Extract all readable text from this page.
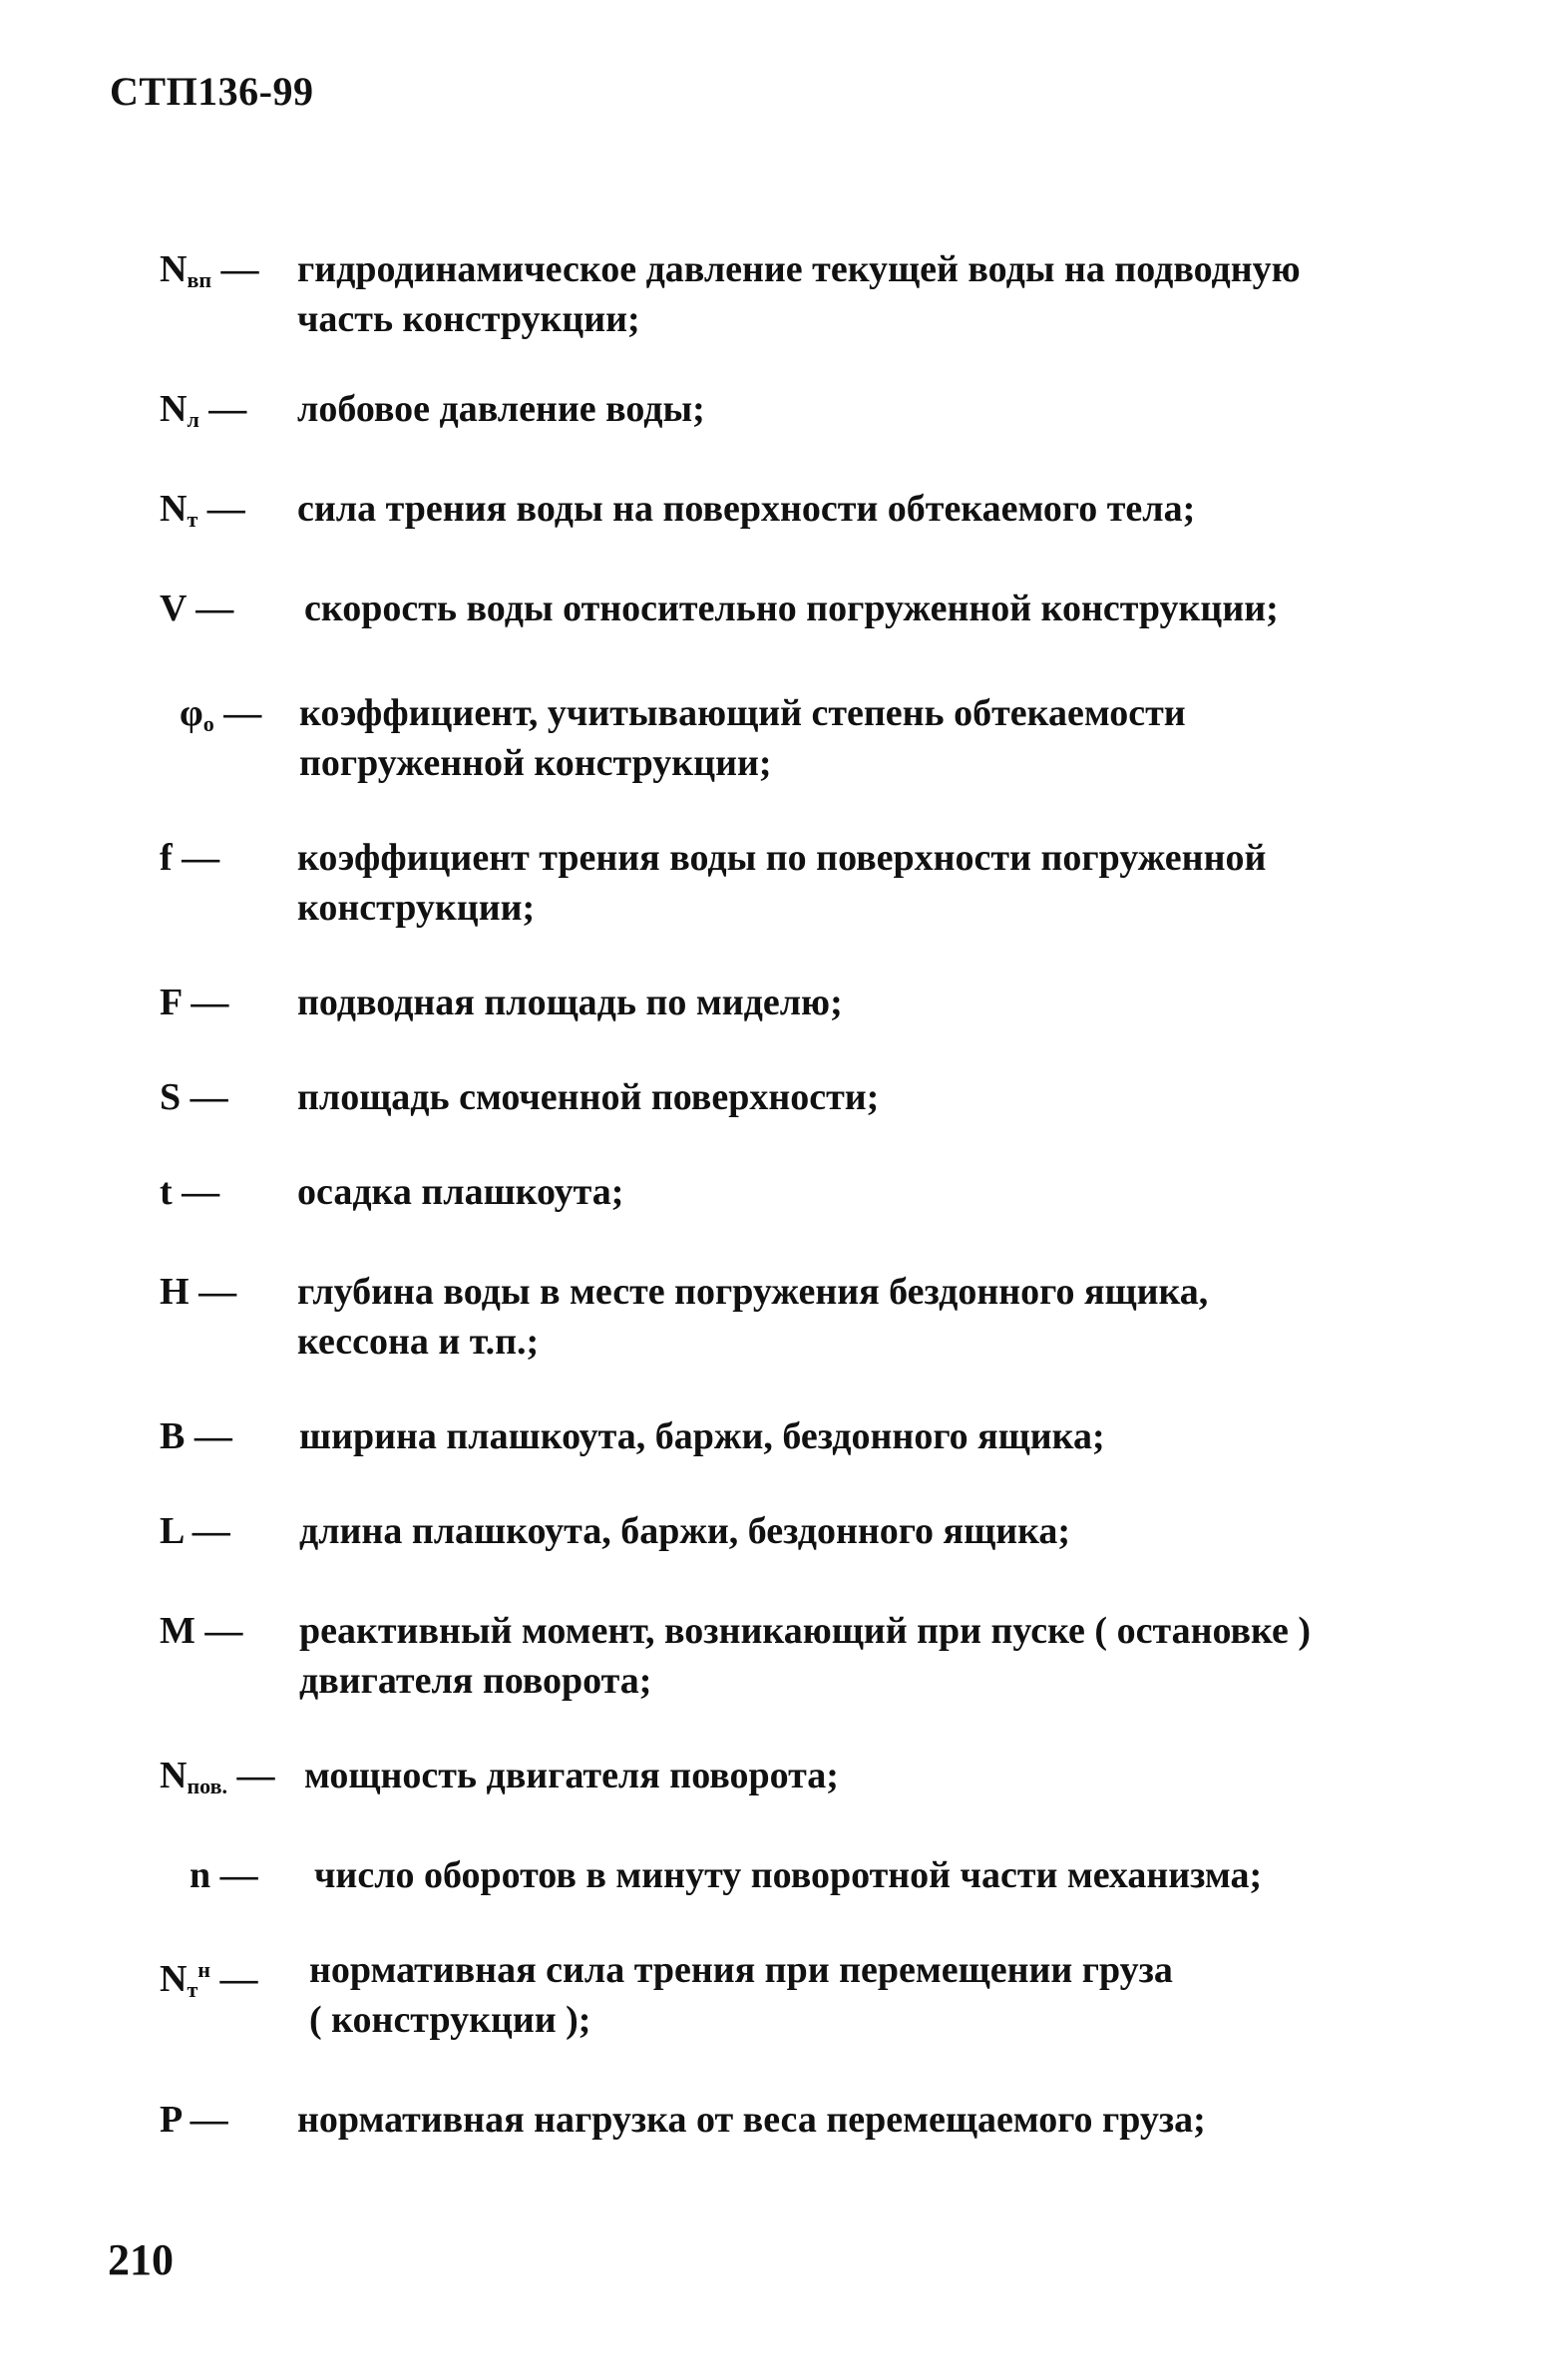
СТП136-99
$N_{вп}$ — гидродинамическое давление текущей воды на подводную
часть конструкции;
$N_л$ — лобовое давление воды;
$N_т$ — сила трения воды на поверхности обтекаемого тела;
V — скорость воды относительно погруженной конструкции;
$\varphi_о$ — коэффициент, учитывающий степень обтекаемости
погруженной конструкции;
f — коэффициент трения воды по поверхности погруженной
конструкции;
F — подводная площадь по миделю;
S — площадь смоченной поверхности;
t — осадка плашкоута;
H — глубина воды в месте погружения бездонного ящика,
кессона и т.п.;
B — ширина плашкоута, баржи, бездонного ящика;
L — длина плашкоута, баржи, бездонного ящика;
M — реактивный момент, возникающий при пуске ( остановке )
двигателя поворота;
$N_{пов.}$ — мощность двигателя поворота;
n — число оборотов в минуту поворотной части механизма;
$N_т^н$ — нормативная сила трения при перемещении груза
( конструкции );
P — нормативная нагрузка от веса перемещаемого груза;
210
